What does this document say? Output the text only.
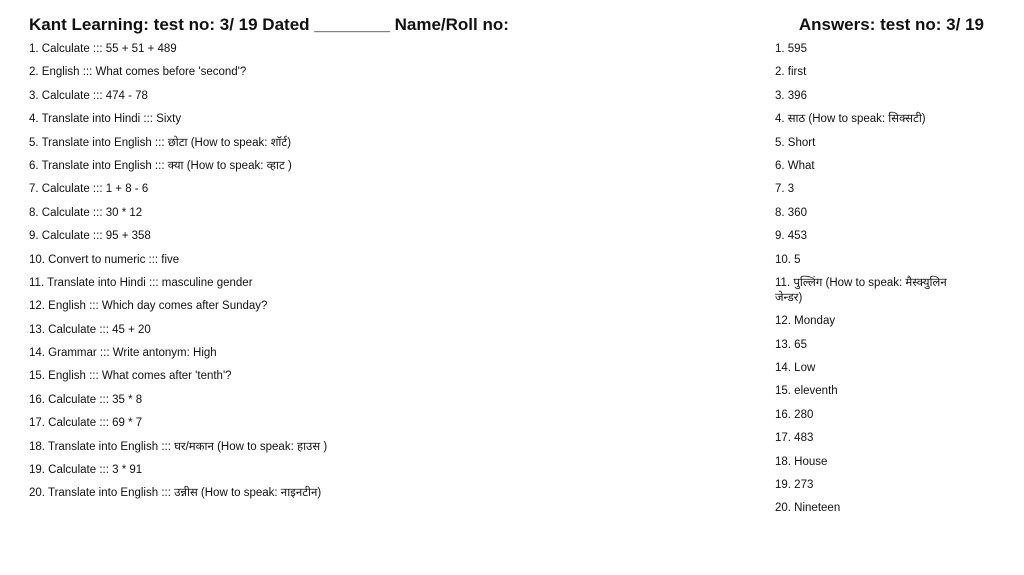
Kant Learning: test no: 3/ 19 Dated ________ Name/Roll no:	Answers: test no: 3/ 19
1. Calculate ::: 55 + 51 + 489
2. English ::: What comes before 'second'?
3. Calculate ::: 474 - 78
4. Translate into Hindi ::: Sixty
5. Translate into English ::: छोटा (How to speak: शॉर्ट)
6. Translate into English ::: क्या (How to speak: व्हाट )
7. Calculate ::: 1 + 8 - 6
8. Calculate ::: 30 * 12
9. Calculate ::: 95 + 358
10. Convert to numeric ::: five
11. Translate into Hindi ::: masculine gender
12. English ::: Which day comes after Sunday?
13. Calculate ::: 45 + 20
14. Grammar ::: Write antonym: High
15. English ::: What comes after 'tenth'?
16. Calculate ::: 35 * 8
17. Calculate ::: 69 * 7
18. Translate into English ::: घर/मकान (How to speak: हाउस )
19. Calculate ::: 3 * 91
20. Translate into English ::: उन्नीस (How to speak: नाइनटीन)
1. 595
2. first
3. 396
4. साठ (How to speak: सिक्सटी)
5. Short
6. What
7. 3
8. 360
9. 453
10. 5
11. पुल्लिंग (How to speak: मैस्क्युलिन जेन्डर)
12. Monday
13. 65
14. Low
15. eleventh
16. 280
17. 483
18. House
19. 273
20. Nineteen
